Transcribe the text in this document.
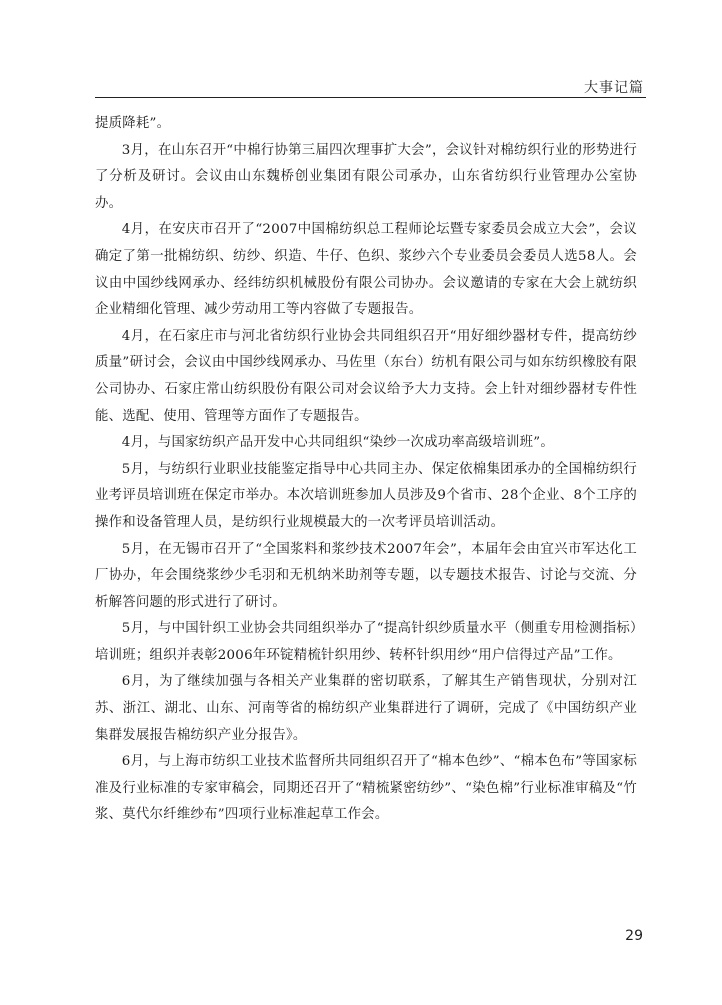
大事记篇

提质降耗”。

3月，在山东召开“中棉行协第三届四次理事扩大会”，会议针对棉纺织行业的形势进行了分析及研讨。会议由山东魏桥创业集团有限公司承办，山东省纺织行业管理办公室协办。

4月，在安庆市召开了“2007中国棉纺织总工程师论坛暨专家委员会成立大会”，会议确定了第一批棉纺织、纺纱、织造、牛仔、色织、浆纱六个专业委员会委员人选58人。会议由中国纱线网承办、经纬纺织机械股份有限公司协办。会议邀请的专家在大会上就纺织企业精细化管理、减少劳动用工等内容做了专题报告。

4月，在石家庄市与河北省纺织行业协会共同组织召开“用好细纱器材专件，提高纺纱质量”研讨会，会议由中国纱线网承办、马佐里（东台）纺机有限公司与如东纺织橡胶有限公司协办、石家庄常山纺织股份有限公司对会议给予大力支持。会上针对细纱器材专件性能、选配、使用、管理等方面作了专题报告。

4月，与国家纺织产品开发中心共同组织“染纱一次成功率高级培训班”。

5月，与纺织行业职业技能鉴定指导中心共同主办、保定依棉集团承办的全国棉纺织行业考评员培训班在保定市举办。本次培训班参加人员涉及9个省市、28个企业、8个工序的操作和设备管理人员，是纺织行业规模最大的一次考评员培训活动。

5月，在无锡市召开了“全国浆料和浆纱技术2007年会”，本届年会由宜兴市军达化工厂协办，年会围绕浆纱少毛羽和无机纳米助剂等专题，以专题技术报告、讨论与交流、分析解答问题的形式进行了研讨。

5月，与中国针织工业协会共同组织举办了“提高针织纱质量水平（侧重专用检测指标）培训班；组织并表彰2006年环锭精梳针织用纱、转杯针织用纱“用户信得过产品”工作。

6月，为了继续加强与各相关产业集群的密切联系，了解其生产销售现状，分别对江苏、浙江、湖北、山东、河南等省的棉纺织产业集群进行了调研，完成了《中国纺织产业集群发展报告棉纺织产业分报告》。

6月，与上海市纺织工业技术监督所共同组织召开了“棉本色纱”、“棉本色布”等国家标准及行业标准的专家审稿会，同期还召开了“精梳紧密纺纱”、“染色棉”行业标准审稿及“竹浆、莫代尔纤维纱布”四项行业标准起草工作会。

29
